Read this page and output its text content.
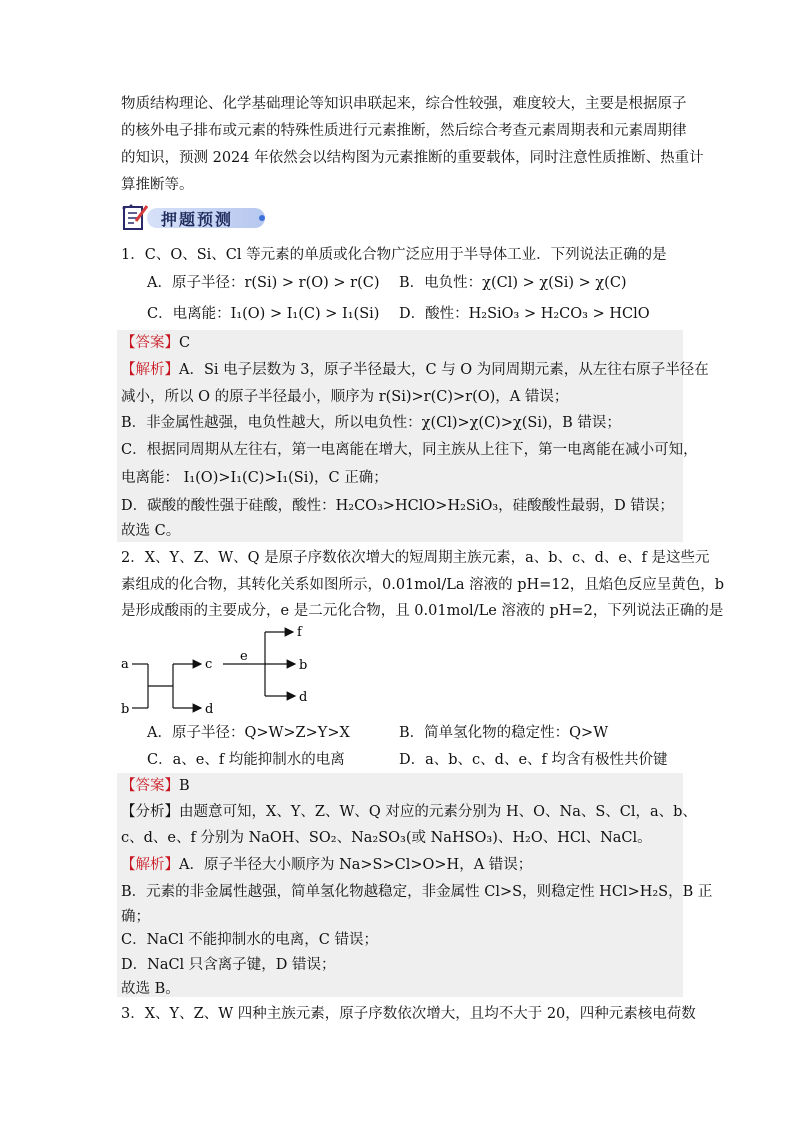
物质结构理论、化学基础理论等知识串联起来，综合性较强，难度较大，主要是根据原子
的核外电子排布或元素的特殊性质进行元素推断，然后综合考查元素周期表和元素周期律
的知识，预测 2024 年依然会以结构图为元素推断的重要载体，同时注意性质推断、热重计
算推断等。
押题预测
1．C、O、Si、Cl 等元素的单质或化合物广泛应用于半导体工业．下列说法正确的是
A．原子半径：r(Si) > r(O) > r(C) B．电负性：χ(Cl) > χ(Si) > χ(C)
C．电离能：I₁(O) > I₁(C) > I₁(Si) D．酸性：H₂SiO₃ > H₂CO₃ > HClO
【答案】C
【解析】A．Si 电子层数为 3，原子半径最大，C 与 O 为同周期元素，从左往右原子半径在
减小，所以 O 的原子半径最小，顺序为 r(Si)>r(C)>r(O)，A 错误；
B．非金属性越强，电负性越大，所以电负性：χ(Cl)>χ(C)>χ(Si)，B 错误；
C．根据同周期从左往右，第一电离能在增大，同主族从上往下，第一电离能在减小可知，
电离能： I₁(O)>I₁(C)>I₁(Si)，C 正确；
D．碳酸的酸性强于硅酸，酸性：H₂CO₃>HClO>H₂SiO₃，硅酸酸性最弱，D 错误；
故选 C。
2．X、Y、Z、W、Q 是原子序数依次增大的短周期主族元素，a、b、c、d、e、f 是这些元
素组成的化合物，其转化关系如图所示，0.01mol/La 溶液的 pH=12，且焰色反应呈黄色，b
是形成酸雨的主要成分，e 是二元化合物，且 0.01mol/Le 溶液的 pH=2，下列说法正确的是
a
b
c
d
e
f
b
d
A．原子半径：Q>W>Z>Y>X	B．简单氢化物的稳定性：Q>W
C．a、e、f 均能抑制水的电离	D．a、b、c、d、e、f 均含有极性共价键
【答案】B
【分析】由题意可知，X、Y、Z、W、Q 对应的元素分别为 H、O、Na、S、Cl，a、b、
c、d、e、f 分别为 NaOH、SO₂、Na₂SO₃(或 NaHSO₃)、H₂O、HCl、NaCl。
【解析】A．原子半径大小顺序为 Na>S>Cl>O>H，A 错误；
B．元素的非金属性越强，简单氢化物越稳定，非金属性 Cl>S，则稳定性 HCl>H₂S，B 正
确；
C．NaCl 不能抑制水的电离，C 错误；
D．NaCl 只含离子键，D 错误；
故选 B。
3．X、Y、Z、W 四种主族元素，原子序数依次增大，且均不大于 20，四种元素核电荷数
